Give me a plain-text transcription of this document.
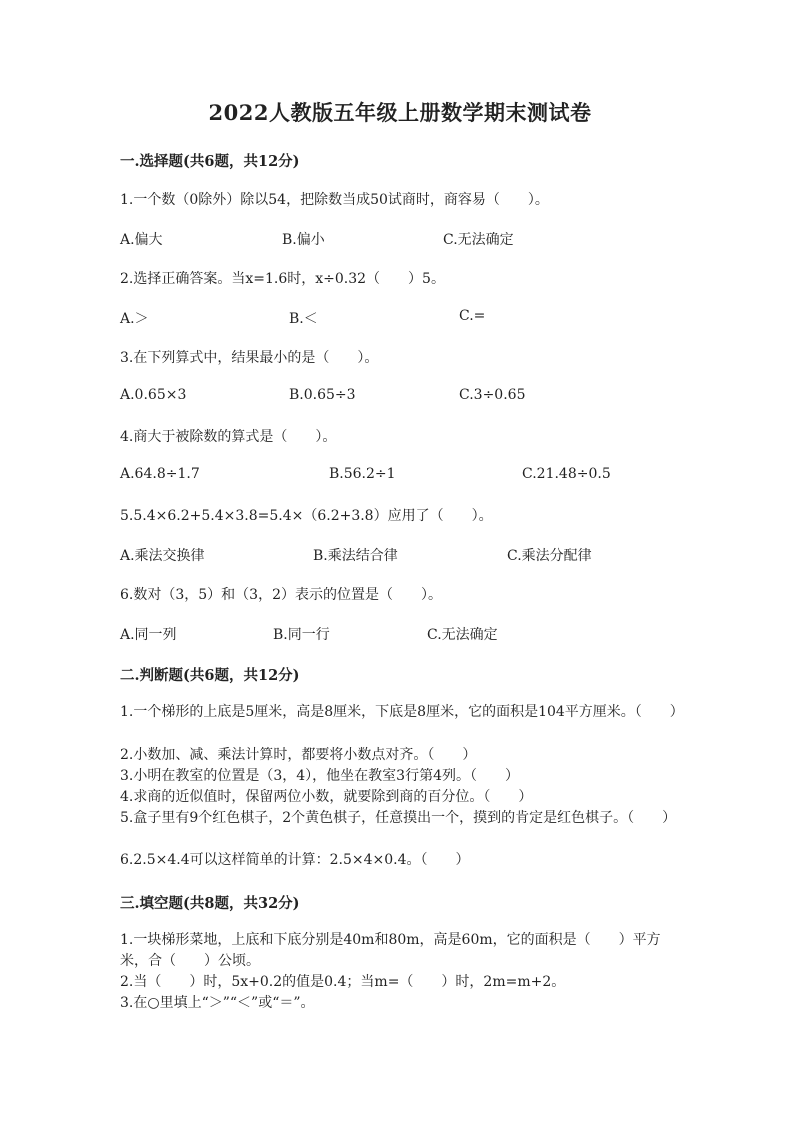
2022人教版五年级上册数学期末测试卷
一.选择题(共6题，共12分)
1.一个数（0除外）除以54，把除数当成50试商时，商容易（　　）。
A.偏大	B.偏小	C.无法确定
2.选择正确答案。当x=1.6时，x÷0.32（　　）5。
A.＞	B.＜	C.=
3.在下列算式中，结果最小的是（　　）。
A.0.65×3	B.0.65÷3	C.3÷0.65
4.商大于被除数的算式是（　　）。
A.64.8÷1.7	B.56.2÷1	C.21.48÷0.5
5.5.4×6.2+5.4×3.8=5.4×（6.2+3.8）应用了（　　）。
A.乘法交换律	B.乘法结合律	C.乘法分配律
6.数对（3，5）和（3，2）表示的位置是（　　）。
A.同一列	B.同一行	C.无法确定
二.判断题(共6题，共12分)
1.一个梯形的上底是5厘米，高是8厘米，下底是8厘米，它的面积是104平方厘米。（　　）
2.小数加、减、乘法计算时，都要将小数点对齐。（　　）
3.小明在教室的位置是（3，4），他坐在教室3行第4列。（　　）
4.求商的近似值时，保留两位小数，就要除到商的百分位。（　　）
5.盒子里有9个红色棋子，2个黄色棋子，任意摸出一个，摸到的肯定是红色棋子。（　　）
6.2.5×4.4可以这样简单的计算：2.5×4×0.4。（　　）
三.填空题(共8题，共32分)
1.一块梯形菜地，上底和下底分别是40m和80m，高是60m，它的面积是（　　）平方米，合（　　）公顷。
2.当（　　）时，5x+0.2的值是0.4；当m=（　　）时，2m=m+2。
3.在○里填上“＞”“＜”或“＝”。
